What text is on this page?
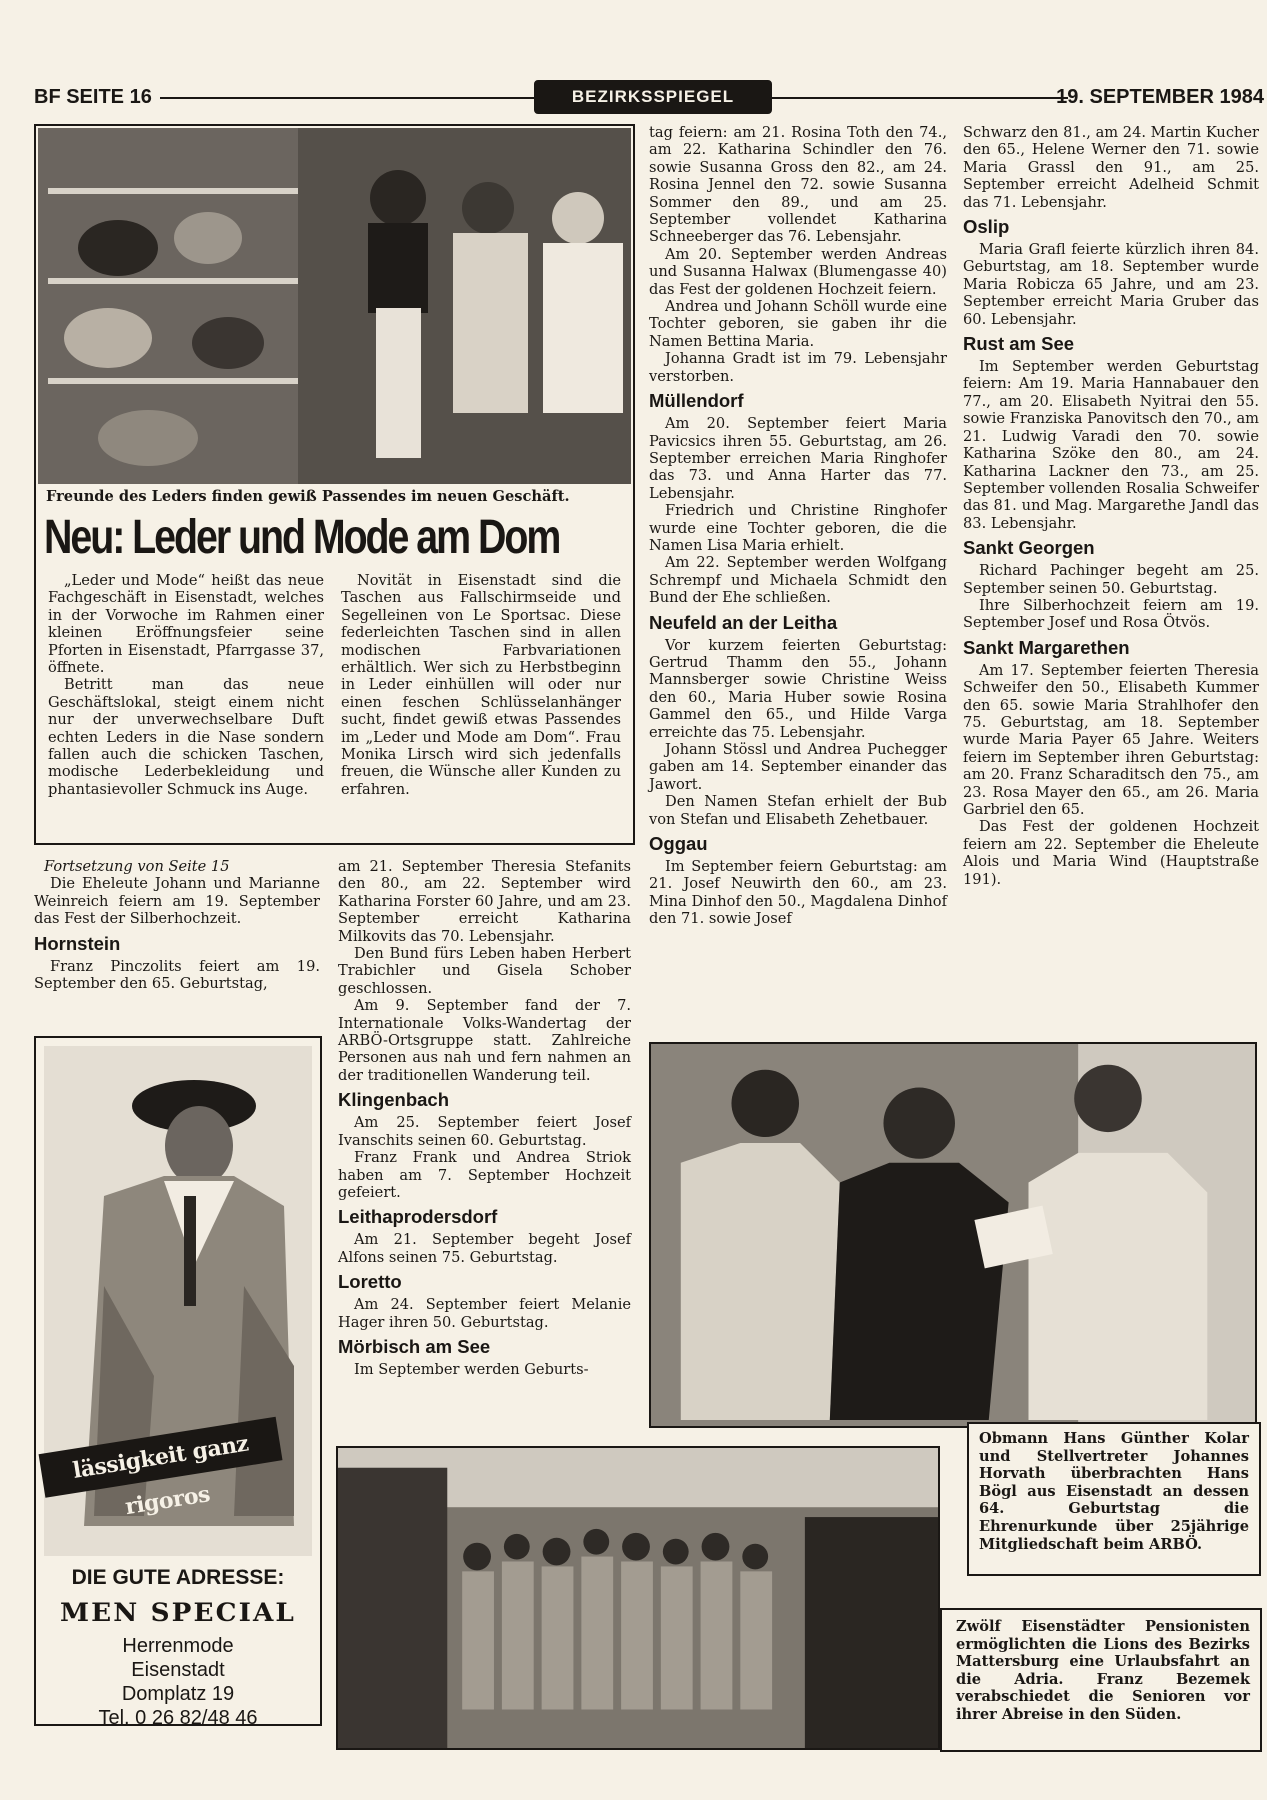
BF SEITE 16	BEZIRKSSPIEGEL	19. SEPTEMBER 1984
Freunde des Leders finden gewiß Passendes im neuen Geschäft.
Neu: Leder und Mode am Dom

„Leder und Mode“ heißt das neue Fachgeschäft in Eisenstadt, welches in der Vorwoche im Rahmen einer kleinen Eröffnungsfeier seine Pforten in Eisenstadt, Pfarrgasse 37, öffnete.

Betritt man das neue Geschäftslokal, steigt einem nicht nur der unverwechselbare Duft echten Leders in die Nase sondern fallen auch die schicken Taschen, modische Lederbekleidung und phantasievoller Schmuck ins Auge.

Novität in Eisenstadt sind die Taschen aus Fallschirmseide und Segelleinen von Le Sportsac. Diese federleichten Taschen sind in allen modischen Farbvariationen erhältlich. Wer sich zu Herbstbeginn in Leder einhüllen will oder nur einen feschen Schlüsselanhänger sucht, findet gewiß etwas Passendes im „Leder und Mode am Dom“. Frau Monika Lirsch wird sich jedenfalls freuen, die Wünsche aller Kunden zu erfahren.

tag feiern: am 21. Rosina Toth den 74., am 22. Katharina Schindler den 76. sowie Susanna Gross den 82., am 24. Rosina Jennel den 72. sowie Susanna Sommer den 89., und am 25. September vollendet Katharina Schneeberger das 76. Lebensjahr.

Am 20. September werden Andreas und Susanna Halwax (Blumengasse 40) das Fest der goldenen Hochzeit feiern.

Andrea und Johann Schöll wurde eine Tochter geboren, sie gaben ihr die Namen Bettina Maria.

Johanna Gradt ist im 79. Lebensjahr verstorben.

Müllendorf

Am 20. September feiert Maria Pavicsics ihren 55. Geburtstag, am 26. September erreichen Maria Ringhofer das 73. und Anna Harter das 77. Lebensjahr.

Friedrich und Christine Ringhofer wurde eine Tochter geboren, die die Namen Lisa Maria erhielt.

Am 22. September werden Wolfgang Schrempf und Michaela Schmidt den Bund der Ehe schließen.

Neufeld an der Leitha

Vor kurzem feierten Geburtstag: Gertrud Thamm den 55., Johann Mannsberger sowie Christine Weiss den 60., Maria Huber sowie Rosina Gammel den 65., und Hilde Varga erreichte das 75. Lebensjahr.

Johann Stössl und Andrea Puchegger gaben am 14. September einander das Jawort.

Den Namen Stefan erhielt der Bub von Stefan und Elisabeth Zehetbauer.

Oggau

Im September feiern Geburtstag: am 21. Josef Neuwirth den 60., am 23. Mina Dinhof den 50., Magdalena Dinhof den 71. sowie Josef

Schwarz den 81., am 24. Martin Kucher den 65., Helene Werner den 71. sowie Maria Grassl den 91., am 25. September erreicht Adelheid Schmit das 71. Lebensjahr.

Oslip

Maria Grafl feierte kürzlich ihren 84. Geburtstag, am 18. September wurde Maria Robicza 65 Jahre, und am 23. September erreicht Maria Gruber das 60. Lebensjahr.

Rust am See

Im September werden Geburtstag feiern: Am 19. Maria Hannabauer den 77., am 20. Elisabeth Nyitrai den 55. sowie Franziska Panovitsch den 70., am 21. Ludwig Varadi den 70. sowie Katharina Szöke den 80., am 24. Katharina Lackner den 73., am 25. September vollenden Rosalia Schweifer das 81. und Mag. Margarethe Jandl das 83. Lebensjahr.

Sankt Georgen

Richard Pachinger begeht am 25. September seinen 50. Geburtstag.

Ihre Silberhochzeit feiern am 19. September Josef und Rosa Ötvös.

Sankt Margarethen

Am 17. September feierten Theresia Schweifer den 50., Elisabeth Kummer den 65. sowie Maria Strahlhofer den 75. Geburtstag, am 18. September wurde Maria Payer 65 Jahre. Weiters feiern im September ihren Geburtstag: am 20. Franz Scharaditsch den 75., am 23. Rosa Mayer den 65., am 26. Maria Garbriel den 65.

Das Fest der goldenen Hochzeit feiern am 22. September die Eheleute Alois und Maria Wind (Hauptstraße 191).

Fortsetzung von Seite 15

Die Eheleute Johann und Marianne Weinreich feiern am 19. September das Fest der Silberhochzeit.

Hornstein

Franz Pinczolits feiert am 19. September den 65. Geburtstag,

am 21. September Theresia Stefanits den 80., am 22. September wird Katharina Forster 60 Jahre, und am 23. September erreicht Katharina Milkovits das 70. Lebensjahr.

Den Bund fürs Leben haben Herbert Trabichler und Gisela Schober geschlossen.

Am 9. September fand der 7. Internationale Volks-Wandertag der ARBÖ-Ortsgruppe statt. Zahlreiche Personen aus nah und fern nahmen an der traditionellen Wanderung teil.

Klingenbach

Am 25. September feiert Josef Ivanschits seinen 60. Geburtstag.

Franz Frank und Andrea Striok haben am 7. September Hochzeit gefeiert.

Leithaprodersdorf

Am 21. September begeht Josef Alfons seinen 75. Geburtstag.

Loretto

Am 24. September feiert Melanie Hager ihren 50. Geburtstag.

Mörbisch am See

Im September werden Geburts-

lässigkeit ganz rigoros
DIE GUTE ADRESSE:
MEN SPECIAL
Herrenmode
Eisenstadt
Domplatz 19
Tel. 0 26 82/48 46
Obmann Hans Günther Kolar und Stellvertreter Johannes Horvath überbrachten Hans Bögl aus Eisenstadt an dessen 64. Geburtstag die Ehrenurkunde über 25jährige Mitgliedschaft beim ARBÖ.
Zwölf Eisenstädter Pensionisten ermöglichten die Lions des Bezirks Mattersburg eine Urlaubsfahrt an die Adria. Franz Bezemek verabschiedet die Senioren vor ihrer Abreise in den Süden.
